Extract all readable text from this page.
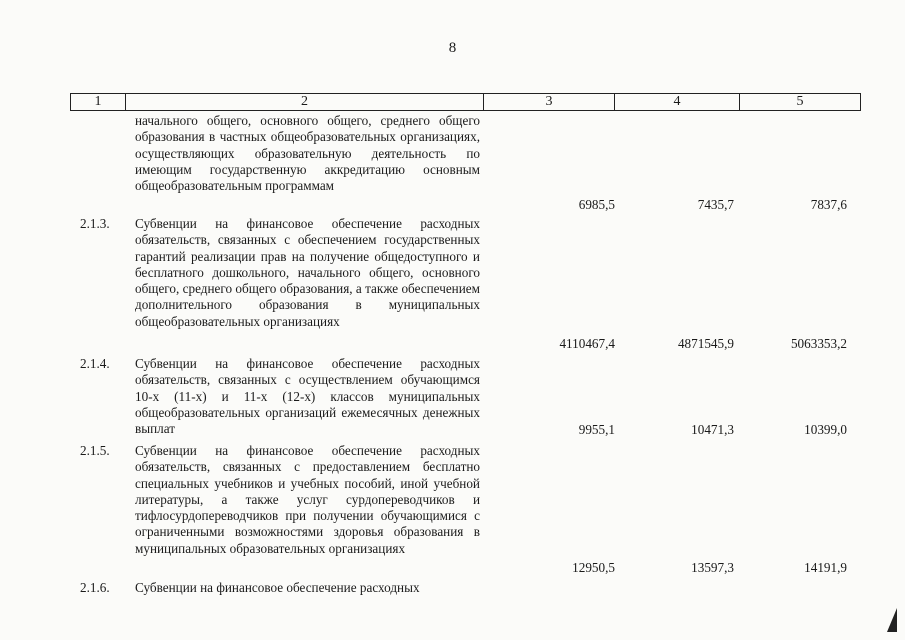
8
1	2	3	4	5
начального общего, основного общего, среднего общего образования в частных общеобразовательных организациях, осуществляющих образовательную деятельность по имеющим государственную аккредитацию основным общеобразовательным программам
6985,5	7435,7	7837,6
2.1.3. Субвенции на финансовое обеспечение расходных обязательств, связанных с обеспечением государственных гарантий реализации прав на получение общедоступного и бесплатного дошкольного, начального общего, основного общего, среднего общего образования, а также обеспечением дополнительного образования в муниципальных общеобразовательных организациях
4110467,4	4871545,9	5063353,2
2.1.4. Субвенции на финансовое обеспечение расходных обязательств, связанных с осуществлением обучающимся 10-х (11-х) и 11-х (12-х) классов муниципальных общеобразовательных организаций ежемесячных денежных выплат	9955,1	10471,3	10399,0
2.1.5. Субвенции на финансовое обеспечение расходных обязательств, связанных с предоставлением бесплатно специальных учебников и учебных пособий, иной учебной литературы, а также услуг сурдопереводчиков и тифлосурдопереводчиков при получении обучающимися с ограниченными возможностями здоровья образования в муниципальных образовательных организациях
12950,5	13597,3	14191,9
2.1.6. Субвенции на финансовое обеспечение расходных
